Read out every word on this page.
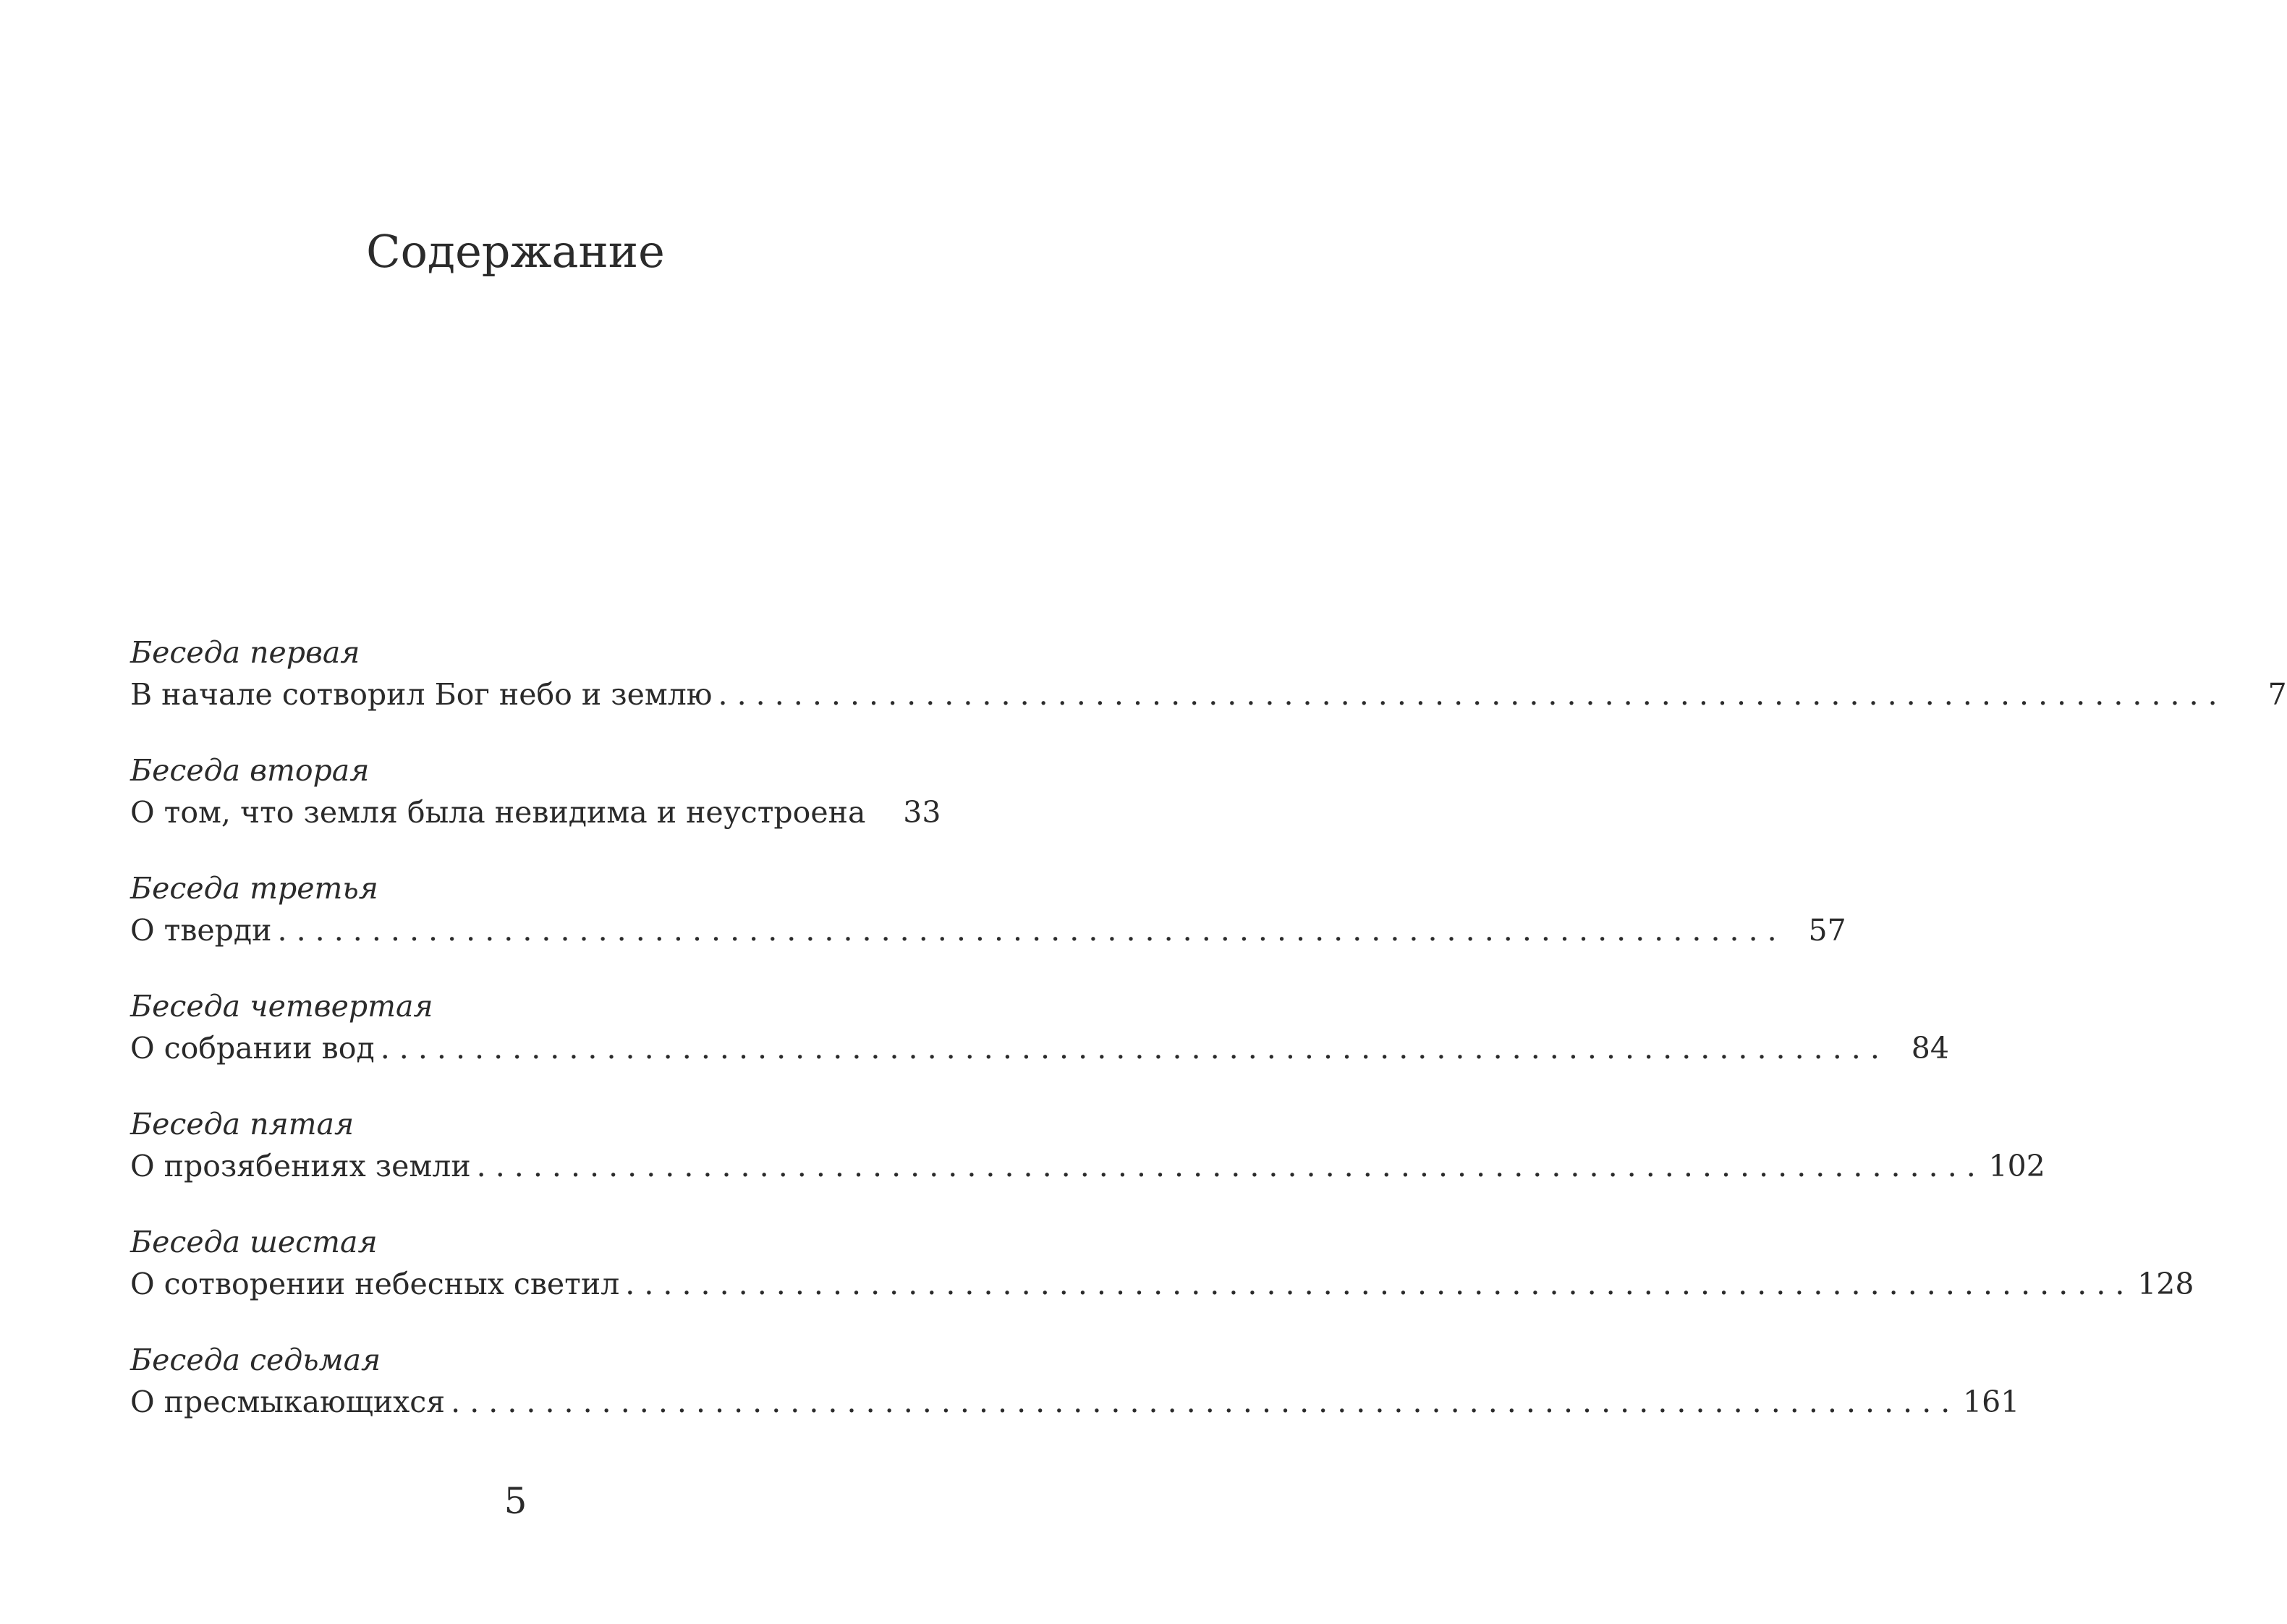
Содержание
Беседа первая
В начале сотворил Бог небо и землю . . . . . . . . . . . . . . . . . . . . . . . . . . . . . . . . . . . . . . . . . . . . . . . . . . . . . . . . . . . . . . . . . . . . . . . . . . . . . . . .	7
Беседа вторая
О том, что земля была невидима и неустроена	33
Беседа третья
О тверди . . . . . . . . . . . . . . . . . . . . . . . . . . . . . . . . . . . . . . . . . . . . . . . . . . . . . . . . . . . . . . . . . . . . . . . . . . . . . . . .	57
Беседа четвертая
О собрании вод . . . . . . . . . . . . . . . . . . . . . . . . . . . . . . . . . . . . . . . . . . . . . . . . . . . . . . . . . . . . . . . . . . . . . . . . . . . . . . . .	84
Беседа пятая
О прозябениях земли . . . . . . . . . . . . . . . . . . . . . . . . . . . . . . . . . . . . . . . . . . . . . . . . . . . . . . . . . . . . . . . . . . . . . . . . . . . . . . . . 102
Беседа шестая
О сотворении небесных светил . . . . . . . . . . . . . . . . . . . . . . . . . . . . . . . . . . . . . . . . . . . . . . . . . . . . . . . . . . . . . . . . . . . . . . . . . . . . . . . . 128
Беседа седьмая
О пресмыкающихся . . . . . . . . . . . . . . . . . . . . . . . . . . . . . . . . . . . . . . . . . . . . . . . . . . . . . . . . . . . . . . . . . . . . . . . . . . . . . . . . 161
5
